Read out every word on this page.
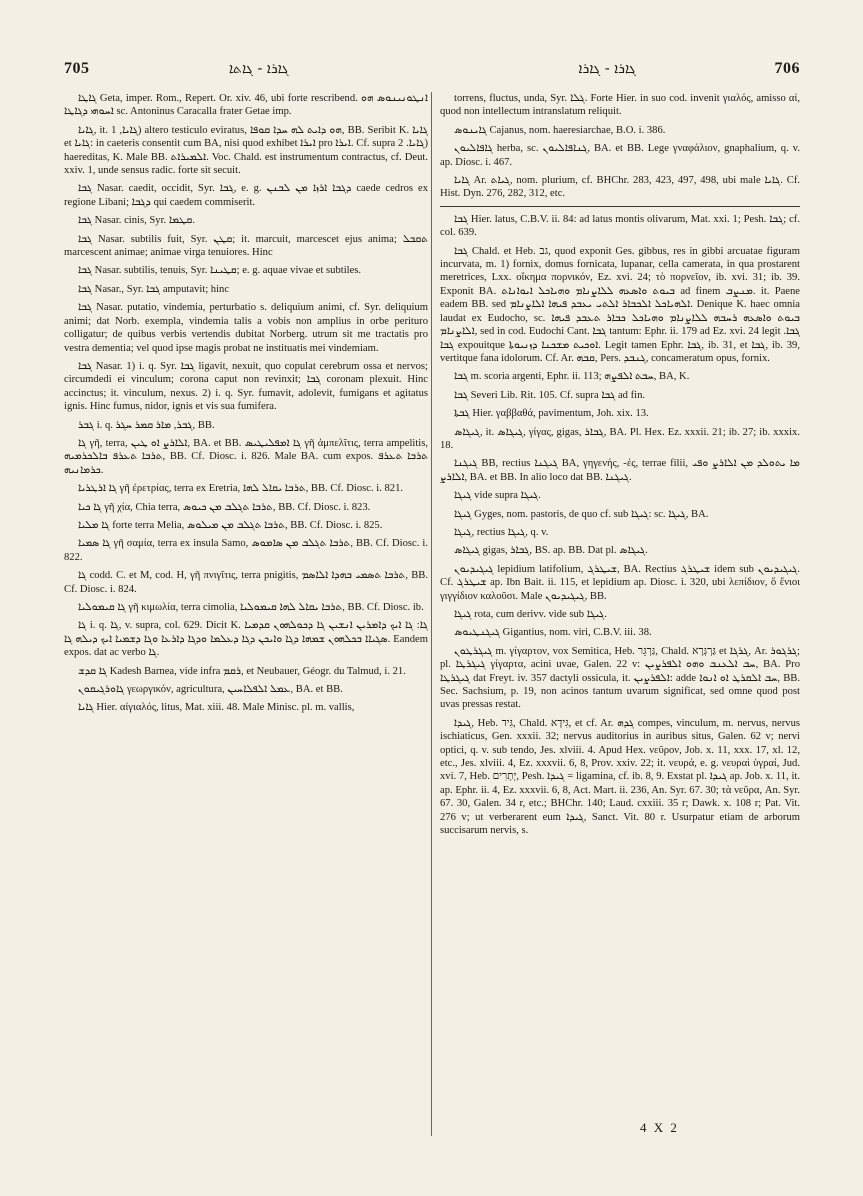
705	ܓܐܪܐ - ܓܐܬܐ	ܓܐܪܐ - ܓܐܪܐ	706

ܓܐܛܐ Geta, imper. Rom., Repert. Or. xiv. 46, ubi forte rescribend. ܐܢܛܘܢܝܢܘܣ ܗܘ ܐܚܘܗܝ ܕܓܐܛܐ sc. Antoninus Caracalla frater Getae imp.

ܓܐܝܐ, it. ܓܐܝܐ, 1) altero testiculo eviratus, ܗܘ ܕܐܝܬ ܠܗ ܚܕܐ ܩܘܦܐ, BB. Seribit K. ܓܐܝܐ et ܓܐܝܐ: in caeteris consentit cum BA, nisi quod exhibet ܐܝܪܐ pro ܐܝܪܐ. Cf. supra ܓܐܝܐ. 2) haereditas, K. Male BB. ܐܠܡܝܪܐܬ. Voc. Chald. est instrumentum contractus, cf. Deut. xxiv. 1, unde sensus radic. forte sit secuit.

ܓܒܐ Nasar. caedit, occidit, Syr. ܓܒܐ, e. g. ܕܓܒܐ ܐܪܙܐ ܡܢ ܠܒܢܢ caede cedros ex regione Libani; ܕܓܒܐ qui caedem commiserit.

ܓܒܐ Nasar. cinis, Syr. ܩܛܡܐ.

ܓܒܐ Nasar. subtilis fuit, Syr. ܩܛܢ; it. marcuit, marcescet ejus anima; ܬܩܒܠ marcescent animae; animae virga tenuiores. Hinc

ܓܒܐ Nasar. subtilis, tenuis, Syr. ܩܛܝܢܐ; e. g. aquae vivae et subtiles.

ܓܒܐ Nasar., Syr. ܓܒܐ amputavit; hinc

ܓܒܐ Nasar. putatio, vindemia, perturbatio s. deliquium animi, cf. Syr. deliquium animi; dat Norb. exempla, vindemia talis a vobis non amplius in orbe perituro colligatur; de quibus verbis vertendis dubitat Norberg. utrum sit me tractatis pro vestra dementia; vel quod ipse magis probat ne instituatis mei vindemiam.

ܓܒܐ Nasar. 1) i. q. Syr. ܓܒܐ ligavit, nexuit, quo copulat cerebrum ossa et nervos; circumdedi ei vinculum; corona caput non revinxit; ܓܒܐ coronam plexuit. Hinc accinctus; it. vinculum, nexus. 2) i. q. Syr. fumavit, adolevit, fumigans et agitatus ignis. Hinc fumus, nidor, ignis et vis sua fumifera.

ܓܒܪ i. q. ܓܒܪ, ܡܐܪ ܩܡܪ ܚܓܪ, BB.

ܓܐ γῆ, terra, ܐܠܐܪܨ ܐܘ ܛܝܢ, BA. et BB. ܓܐ ܐܡܦܠܝܛܝܣ γῆ ἀμπελῖτις, terra ampelitis, ܬܪܒܐ ܬܥܪܦ ܒܐܠܟܪܡܝܗ, BB. Cf. Diosc. i. 826. Male BA. cum expos. ܬܪܒܐ ܬܥܪܦ ܟܪܡܐܢܝܗ.

ܓܐ ܐܪܛܪܝܐ γῆ ἐρετρίας, terra ex Eretria, ܬܪܒܐ ܝܩܐܠ ܠܗܐ, BB. Cf. Diosc. i. 821.

ܓܐ ܟܝܐ γῆ χία, Chia terra, ܬܪܒܐ ܬܓܠܒ ܡܢ ܟܝܘܣ, BB. Cf. Diosc. i. 823.

ܓܐ ܡܠܝܐ forte terra Melia, ܬܪܒܐ ܬܓܠܒ ܡܢ ܡܝܠܘܣ, BB. Cf. Diosc. i. 825.

ܓܐ ܣܡܝܐ γῆ σαμία, terra ex insula Samo, ܬܪܒܐ ܬܓܠܒ ܡܢ ܣܐܡܘܣ, BB. Cf. Diosc. i. 822.

ܓܐ codd. C. et M, cod. H, γῆ πνιγῖτις, terra pnigitis, ܬܪܒܐ ܬܣܡܝ ܒܗܕܐ ܐܠܐܣܡ, BB. Cf. Diosc. i. 824.

ܓܐ ܩܝܡܘܠܝܐ γῆ κιμωλία, terra cimolia, ܬܪܒܐ ܝܩܐܠ ܠܗܐ ܩܝܡܘܠܝܐ, BB. Cf. Diosc. ib.

ܓܐ i. q. ܓܐ, v. supra, col. 629. Dicit K. ܓܐ: ܓܐ ܐܝܟ ܕܐܡܪܝܢ ܐܢܫܝܢ ܓܐ ܕܟܘܠܗܘܢ ܩܕܡܝܐ ܣܓܝܐܐ ܒܟܠܗܘܢ ܫܡܗܐ ܕܓܐ ܘܐܝܟܢ ܕܓܐ ܕܥܠܡܐ ܘܕܓܐ ܕܐܪܥܐ ܘܓܐ ܕܫܡܝܐ ܐܝܟ ܕܝܠܗ ܓܐ. Eandem expos. dat ac verbo ܓܐ.

ܓܐ ܩܕܫ Kadesh Barnea, vide infra ܪܩܡ, et Neubauer, Géogr. du Talmud, i. 21.

ܓܐܘܪܓܝܩܘܢ γεωργικόν, agricultura, ܥܡܠ ܐܠܦܠܐܚܝܢ, BA. et BB.

ܓܐܝܐ Hier. αἰγιαλός, litus, Mat. xiii. 48. Male Minisc. pl. m. vallis,

torrens, fluctus, unda, Syr. ܓܠܐ. Forte Hier. in suo cod. invenit γιαλός, amisso αἰ, quod non intellectum intranslatum reliquit.

ܓܐܝܢܘܣ Cajanus, nom. haeresiarchae, B.O. i. 386.

ܓܐܦܐܠܝܘܢ herba, sc. ܓܢܐܦܐܠܝܘܢ, BA. et BB. Lege γναφάλιον, gnaphalium, q. v. ap. Diosc. i. 467.

ܓܐܝܐ Ar. ܓܝܐܬ, nom. plurium, cf. BHChr. 283, 423, 497, 498, ubi male ܓܐܝܐ. Cf. Hist. Dyn. 276, 282, 312, etc.

ܓܒܐ Hier. latus, C.B.V. ii. 84: ad latus montis olivarum, Mat. xxi. 1; Pesh. ܓܒܐ; cf. col. 639.

ܓܒܐ Chald. et Heb. גב, quod exponit Ges. gibbus, res in gibbi arcuatae figuram incurvata, m. 1) fornix, domus fornicata, lupanar, cella camerata, in qua prostarent meretrices, Lxx. οἴκημα πορνικόν, Ez. xvi. 24; τὸ πορνεῖον, ib. xvi. 31; ib. 39. Exponit BA. ܒܝܘܬ ܘܐܣܥܗ ܠܠܐܨܢܐܡ ܘܗܝܐܟܠ ܐܝܘܐܢܐܬ ad finem ܡܢܨܒ. it. Paene eadem BB. sed ܐܠܗܝܐܟܠ ܐܠܟܒܐܪ ܐܠܬܝ ܝܥܒܕ ܦܝܗܐ ܐܠܐܨܢܐܡ. Denique K. haec omnia laudat ex Eudocho, sc. ܒܝܘܬ ܘܐܣܥܗ ܪܚܒܗ ܠܠܐܨܢܐܡ ܘܗܝܐܟܠ ܟܒܐܪ ܬܥܒܕ ܦܝܗܐ ܐܠܐܨܢܐܡ, sed in cod. Eudochi Cant. ܓܒܐ tantum: Ephr. ii. 179 ad Ez. xvi. 24 legit ܓܒܐ. ܓܒܐ expouitque ܐܘܟܝܬ ܡܫܟܢܐ ܕܙܢܝܘܬܐ. Legit tamen Ephr. ܓܒܐ, ib. 31, et ܓܒܐ, ib. 39, vertitque fana idolorum. Cf. Ar. ܩܒܗ, Pers. ܓܢܒܕ, concameratum opus, fornix.

ܓܒܐ m. scoria argenti, Ephr. ii. 113; ܚܒܬ ܐܠܦܨܗ, BA, K.

ܓܒܐ Severi Lib. Rit. 105. Cf. supra ܓܒܐ ad fin.

ܓܒܬܐ Hier. γαββαθά, pavimentum, Joh. xix. 13.

ܓܝܓܐܣ, it. ܓܝܓܐܣ, γίγας, gigas, ܓܒܐܪ, BA. Pl. Hex. Ez. xxxii. 21; ib. 27; ib. xxxix. 18.

ܓܝܓܢܐ BB, rectius ܓܝܓܢܐ BA, γηγενής, -ές, terrae filii, ܡܐ ܝܬܘܠܕ ܡܢ ܐܠܐܪܨ ܘܦܝ ܐܠܐܪܨ, BA. et BB. In alio loco dat BB. ܓܝܓܢܐ.

ܓܝܓܐ vide supra ܓܝܓܐ.

ܓܝܓܐ Gyges, nom. pastoris, de quo cf. sub ܓܝܓܐ: sc. ܓܝܓܐ, BA.

ܓܝܓܐ, rectius ܓܝܓܐ, q. v.

ܓܝܓܐܣ gigas, ܓܒܐܪ, BS. ap. BB. Dat pl. ܓܝܓܐܣ.

ܓܝܓܝܕܝܘܢ lepidium latifolium, ܫܝܛܪܓ, BA. Rectius ܫܝܛܪܓ idem sub ܓܝܓܝܕܝܘܢ. Cf. ܫܝܛܪܓ ap. Ibn Bait. ii. 115, et lepidium ap. Diosc. i. 320, ubi λεπίδιον, ὅ ἔνιοι γιγγίδιον καλοῦσι. Male ܓܝܓܝܕܝܘܢ, BB.

ܓܝܓܐ rota, cum derivv. vide sub ܓܝܓܐ.

ܓܝܓܢܛܝܘܣ Gigantius, nom. viri, C.B.V. iii. 38.

ܓܝܓܪܛܘܢ m. γίγαρτον, vox Semitica, Heb. גַּרְגֵּר, Chald. גַּרְגְּרָא et ܓܪܓܐ, Ar. ܓܪܓܘܪ; pl. ܓܝܓܪܛܐ γίγαρτα, acini uvae, Galen. 22 v: ܚܒ ܐܠܥܢܒ ܘܗܘ ܐܠܦܪܨܝܢ, BA. Pro ܓܝܓܪܛܐ dat Freyt. iv. 357 dactyli ossicula, it. ܐܠܦܪܨܝܢ: adde ܚܒ ܐܠܩܪܛ ܐܘ ܐܢܘܐ, BB. Sec. Sachsium, p. 19, non acinos tantum uvarum significat, sed omne quod post uvas pressas restat.

ܓܝܕܐ, Heb. גִּיד, Chald. גִּידָא, et cf. Ar. ܓܕܗ compes, vinculum, m. nervus, nervus ischiaticus, Gen. xxxii. 32; nervus auditorius in auribus situs, Galen. 62 v; nervi optici, q. v. sub tendo, Jes. xlviii. 4. Apud Hex. νεῦρον, Job. x. 11, xxx. 17, xl. 12, etc., Jes. xlviii. 4, Ez. xxxvii. 6, 8, Prov. xxiv. 22; it. νευρά, e. g. νευραὶ ὑγραί, Jud. xvi. 7, Heb. יְתָרִים, Pesh. ܓܝܕܐ = ligamina, cf. ib. 8, 9. Exstat pl. ܓܝܕܐ ap. Job. x. 11, it. ap. Ephr. ii. 4, Ez. xxxvii. 6, 8, Act. Mart. ii. 236, An. Syr. 67. 30; τὰ νεῦρα, An. Syr. 67. 30, Galen. 34 r, etc.; BHChr. 140; Laud. cxxiii. 35 r; Dawk. x. 108 r; Pat. Vit. 276 v; ut verberarent eum ܓܝܕܐ, Sanct. Vit. 80 r. Usurpatur etiam de arborum succisarum nervis, s.

4 X 2
